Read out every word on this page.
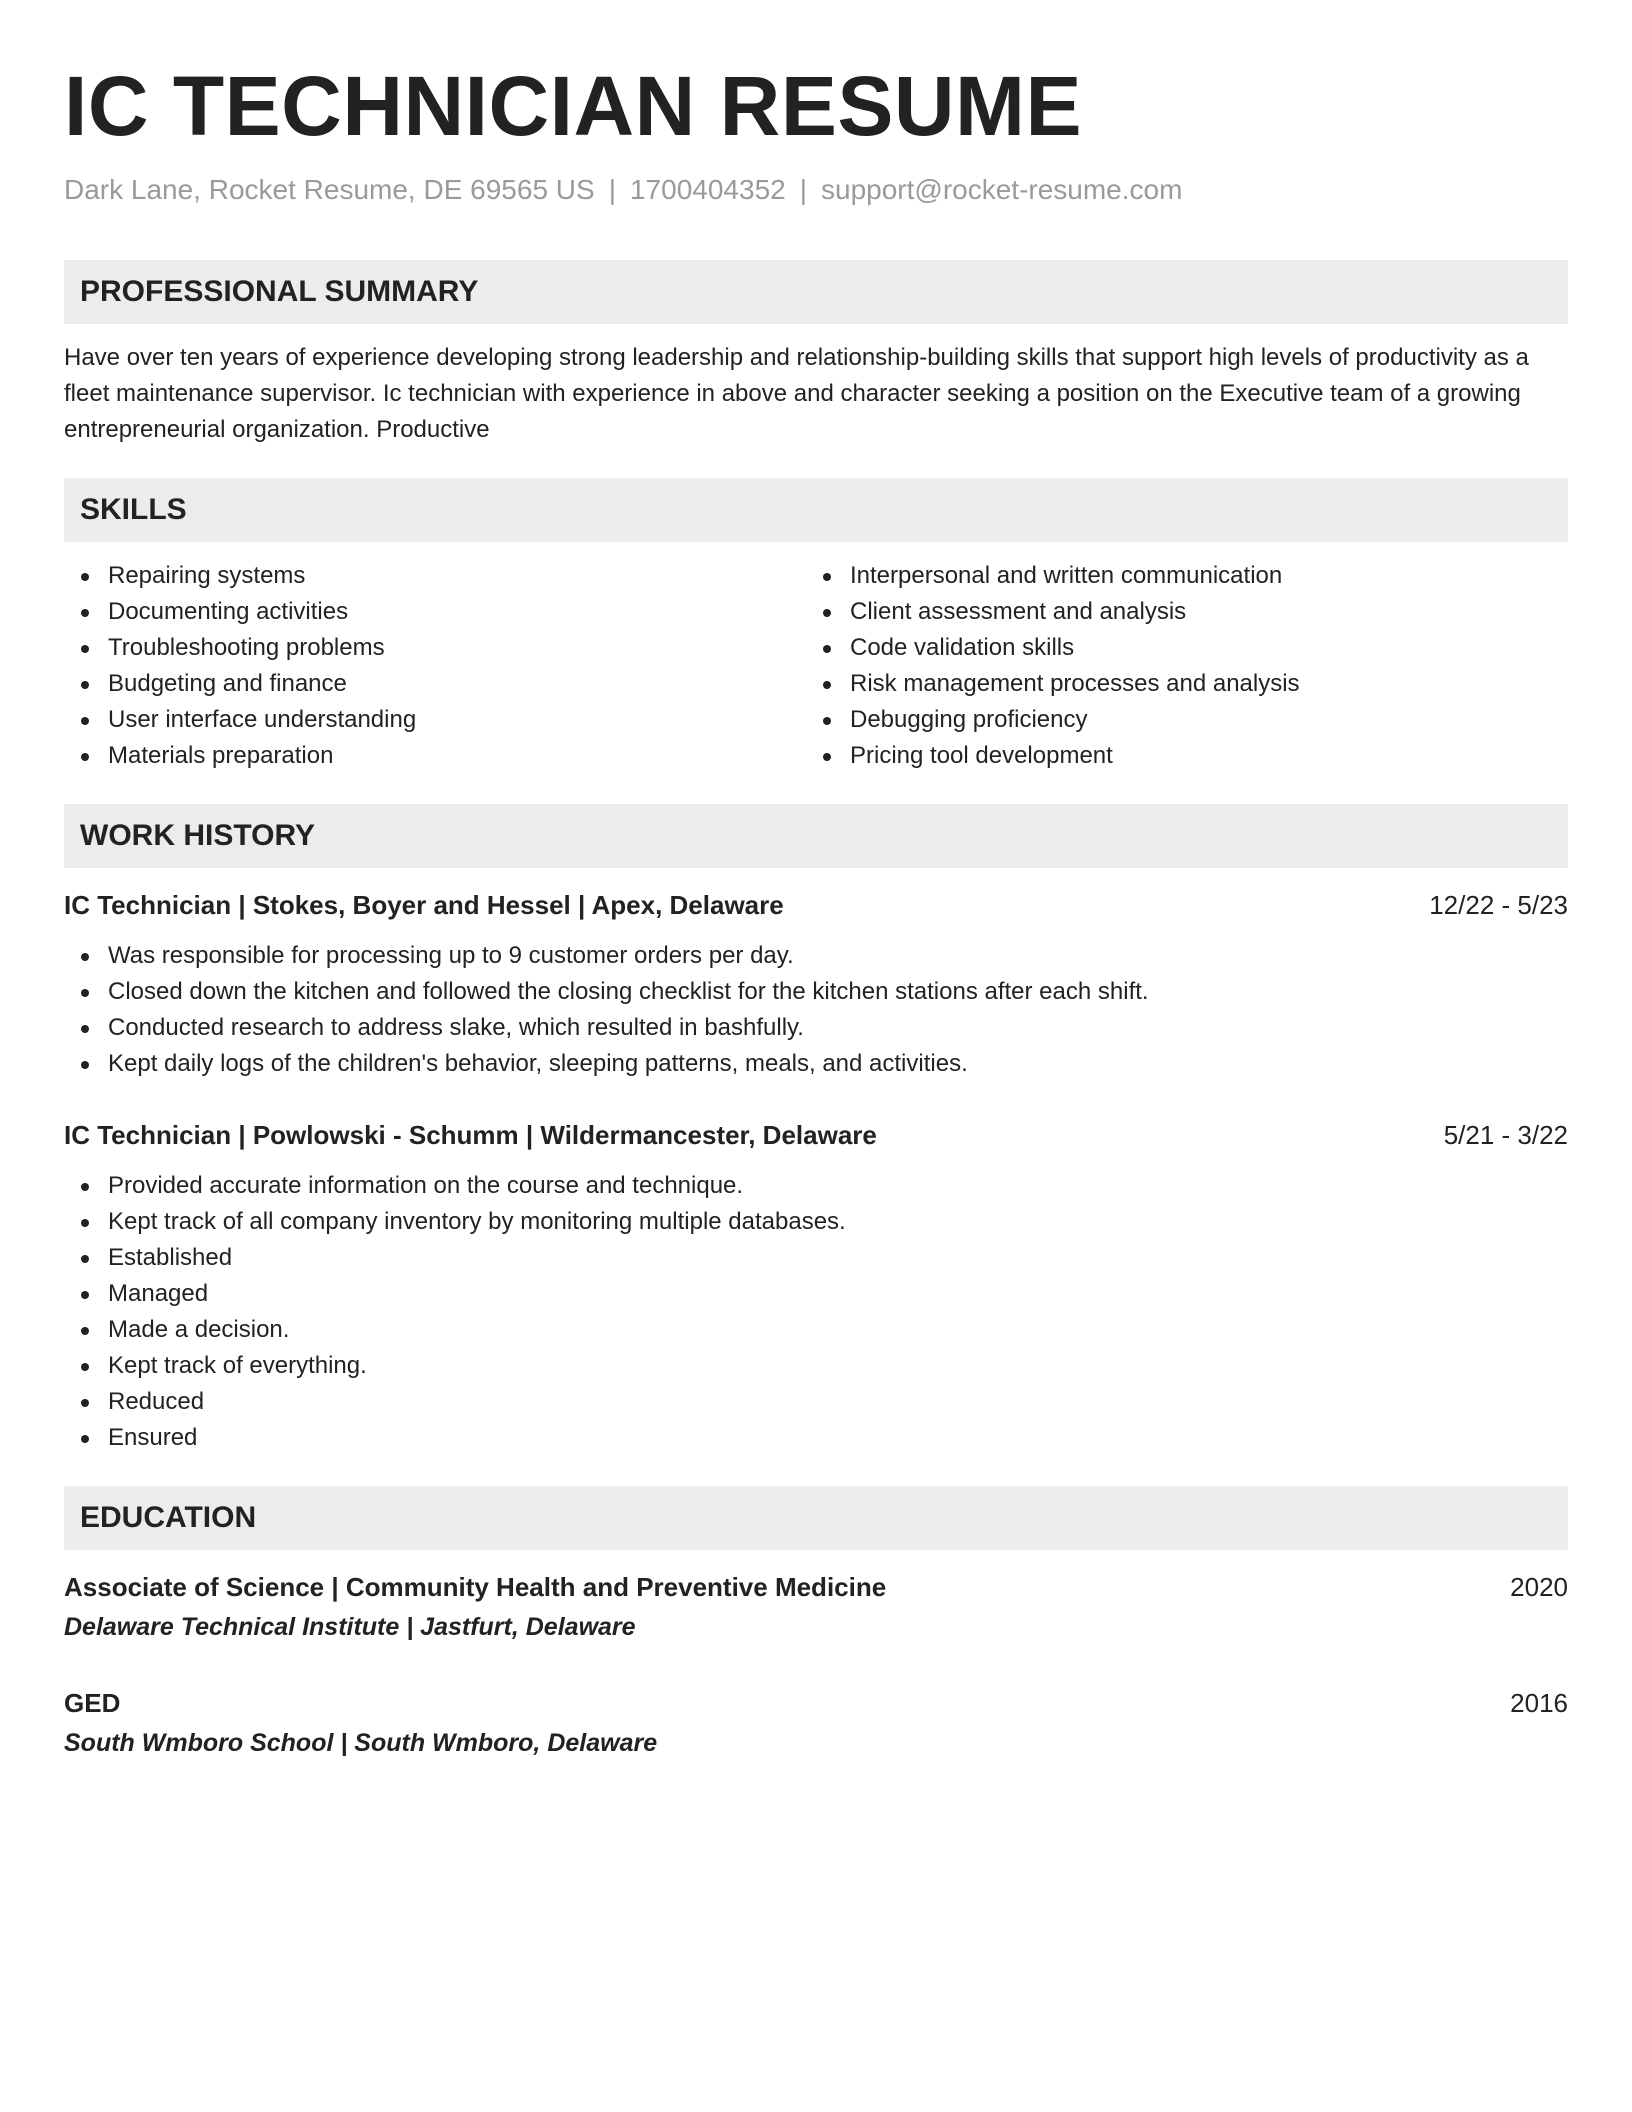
IC TECHNICIAN RESUME
Dark Lane, Rocket Resume, DE 69565 US | 1700404352 | support@rocket-resume.com
PROFESSIONAL SUMMARY

Have over ten years of experience developing strong leadership and relationship-building skills that support high levels of productivity as a fleet maintenance supervisor. Ic technician with experience in above and character seeking a position on the Executive team of a growing entrepreneurial organization. Productive

SKILLS
Repairing systems
Documenting activities
Troubleshooting problems
Budgeting and finance
User interface understanding
Materials preparation
Interpersonal and written communication
Client assessment and analysis
Code validation skills
Risk management processes and analysis
Debugging proficiency
Pricing tool development
WORK HISTORY
IC Technician | Stokes, Boyer and Hessel | Apex, Delaware	12/22 - 5/23
Was responsible for processing up to 9 customer orders per day.
Closed down the kitchen and followed the closing checklist for the kitchen stations after each shift.
Conducted research to address slake, which resulted in bashfully.
Kept daily logs of the children's behavior, sleeping patterns, meals, and activities.
IC Technician | Powlowski - Schumm | Wildermancester, Delaware	5/21 - 3/22
Provided accurate information on the course and technique.
Kept track of all company inventory by monitoring multiple databases.
Established
Managed
Made a decision.
Kept track of everything.
Reduced
Ensured
EDUCATION
Associate of Science | Community Health and Preventive Medicine	2020
Delaware Technical Institute | Jastfurt, Delaware
GED	2016
South Wmboro School | South Wmboro, Delaware
